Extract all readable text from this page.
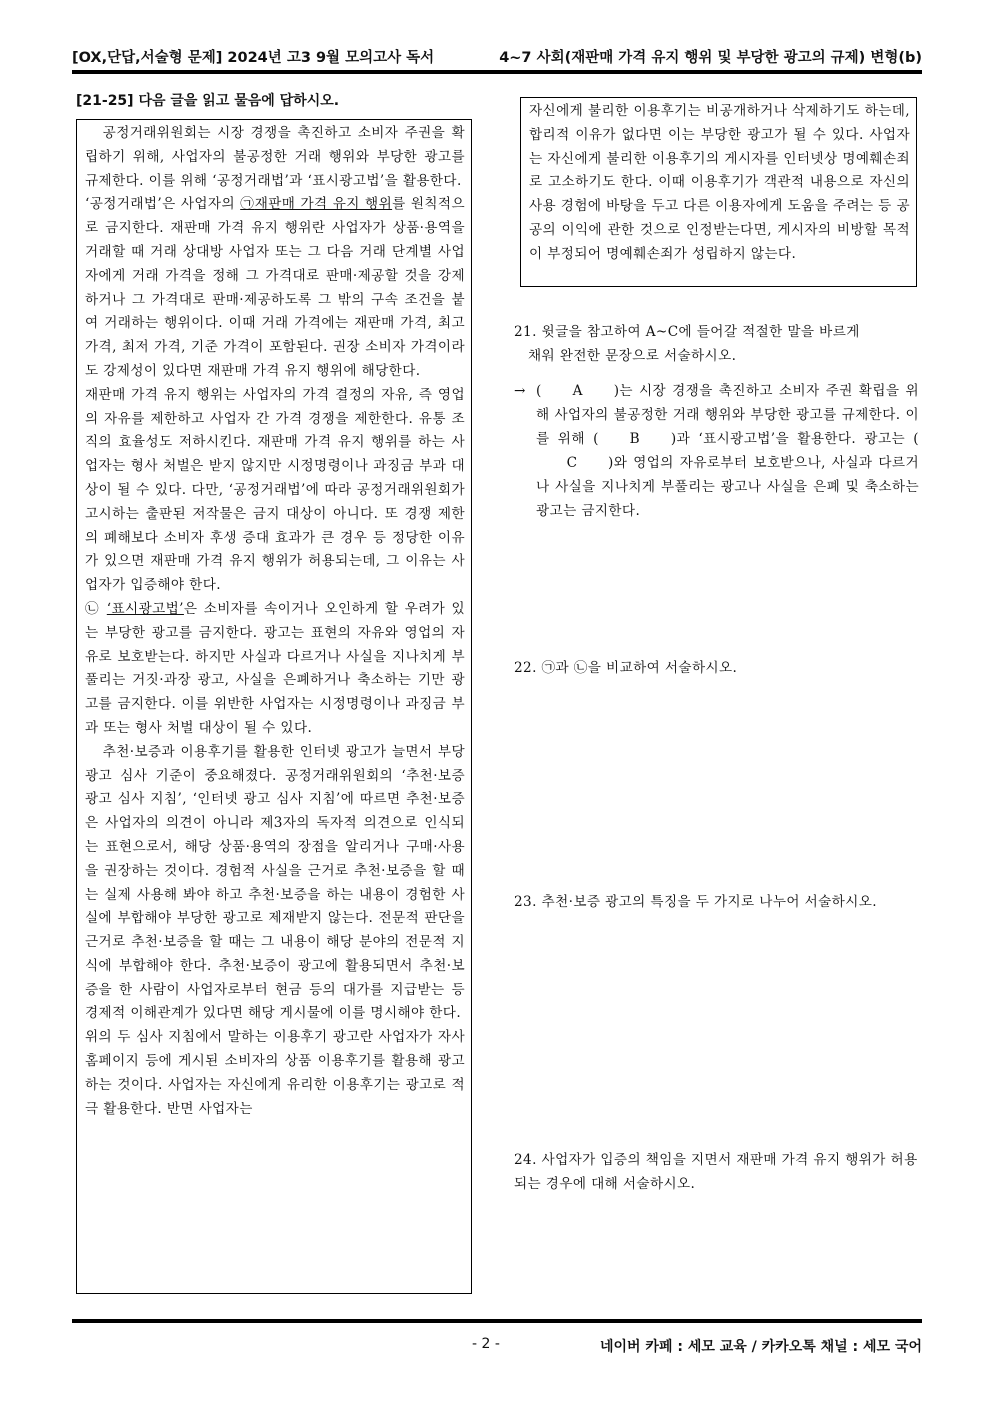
[OX,단답,서술형 문제] 2024년 고3 9월 모의고사 독서	4~7 사회(재판매 가격 유지 행위 및 부당한 광고의 규제) 변형(b)
[21-25] 다음 글을 읽고 물음에 답하시오.

공정거래위원회는 시장 경쟁을 촉진하고 소비자 주권을 확립하기 위해, 사업자의 불공정한 거래 행위와 부당한 광고를 규제한다. 이를 위해 ‘공정거래법’과 ‘표시광고법’을 활용한다.

‘공정거래법’은 사업자의 ㉠재판매 가격 유지 행위를 원칙적으로 금지한다. 재판매 가격 유지 행위란 사업자가 상품·용역을 거래할 때 거래 상대방 사업자 또는 그 다음 거래 단계별 사업자에게 거래 가격을 정해 그 가격대로 판매·제공할 것을 강제하거나 그 가격대로 판매·제공하도록 그 밖의 구속 조건을 붙여 거래하는 행위이다. 이때 거래 가격에는 재판매 가격, 최고 가격, 최저 가격, 기준 가격이 포함된다. 권장 소비자 가격이라도 강제성이 있다면 재판매 가격 유지 행위에 해당한다.

재판매 가격 유지 행위는 사업자의 가격 결정의 자유, 즉 영업의 자유를 제한하고 사업자 간 가격 경쟁을 제한한다. 유통 조직의 효율성도 저하시킨다. 재판매 가격 유지 행위를 하는 사업자는 형사 처벌은 받지 않지만 시정명령이나 과징금 부과 대상이 될 수 있다. 다만, ‘공정거래법’에 따라 공정거래위원회가 고시하는 출판된 저작물은 금지 대상이 아니다. 또 경쟁 제한의 폐해보다 소비자 후생 증대 효과가 큰 경우 등 정당한 이유가 있으면 재판매 가격 유지 행위가 허용되는데, 그 이유는 사업자가 입증해야 한다.

㉡ ‘표시광고법’은 소비자를 속이거나 오인하게 할 우려가 있는 부당한 광고를 금지한다. 광고는 표현의 자유와 영업의 자유로 보호받는다. 하지만 사실과 다르거나 사실을 지나치게 부풀리는 거짓·과장 광고, 사실을 은폐하거나 축소하는 기만 광고를 금지한다. 이를 위반한 사업자는 시정명령이나 과징금 부과 또는 형사 처벌 대상이 될 수 있다.

추천·보증과 이용후기를 활용한 인터넷 광고가 늘면서 부당광고 심사 기준이 중요해졌다. 공정거래위원회의 ‘추천·보증 광고 심사 지침’, ‘인터넷 광고 심사 지침’에 따르면 추천·보증은 사업자의 의견이 아니라 제3자의 독자적 의견으로 인식되는 표현으로서, 해당 상품·용역의 장점을 알리거나 구매·사용을 권장하는 것이다. 경험적 사실을 근거로 추천·보증을 할 때는 실제 사용해 봐야 하고 추천·보증을 하는 내용이 경험한 사실에 부합해야 부당한 광고로 제재받지 않는다. 전문적 판단을 근거로 추천·보증을 할 때는 그 내용이 해당 분야의 전문적 지식에 부합해야 한다. 추천·보증이 광고에 활용되면서 추천·보증을 한 사람이 사업자로부터 현금 등의 대가를 지급받는 등 경제적 이해관계가 있다면 해당 게시물에 이를 명시해야 한다.

위의 두 심사 지침에서 말하는 이용후기 광고란 사업자가 자사 홈페이지 등에 게시된 소비자의 상품 이용후기를 활용해 광고하는 것이다. 사업자는 자신에게 유리한 이용후기는 광고로 적극 활용한다. 반면 사업자는

자신에게 불리한 이용후기는 비공개하거나 삭제하기도 하는데, 합리적 이유가 없다면 이는 부당한 광고가 될 수 있다. 사업자는 자신에게 불리한 이용후기의 게시자를 인터넷상 명예훼손죄로 고소하기도 한다. 이때 이용후기가 객관적 내용으로 자신의 사용 경험에 바탕을 두고 다른 이용자에게 도움을 주려는 등 공공의 이익에 관한 것으로 인정받는다면, 게시자의 비방할 목적이 부정되어 명예훼손죄가 성립하지 않는다.

21. 윗글을 참고하여 A~C에 들어갈 적절한 말을 바르게
채워 완전한 문장으로 서술하시오.
→ ( A )는 시장 경쟁을 촉진하고 소비자 주권 확립을 위해 사업자의 불공정한 거래 행위와 부당한 광고를 규제한다. 이를 위해 ( B )과 ‘표시광고법’을 활용한다. 광고는 (C )와 영업의 자유로부터 보호받으나, 사실과 다르거나 사실을 지나치게 부풀리는 광고나 사실을 은폐 및 축소하는 광고는 금지한다.
22. ㉠과 ㉡을 비교하여 서술하시오.
23. 추천·보증 광고의 특징을 두 가지로 나누어 서술하시오.
24. 사업자가 입증의 책임을 지면서 재판매 가격 유지 행위가 허용되는 경우에 대해 서술하시오.
- 2 -	네이버 카페 : 세모 교육 / 카카오톡 채널 : 세모 국어
